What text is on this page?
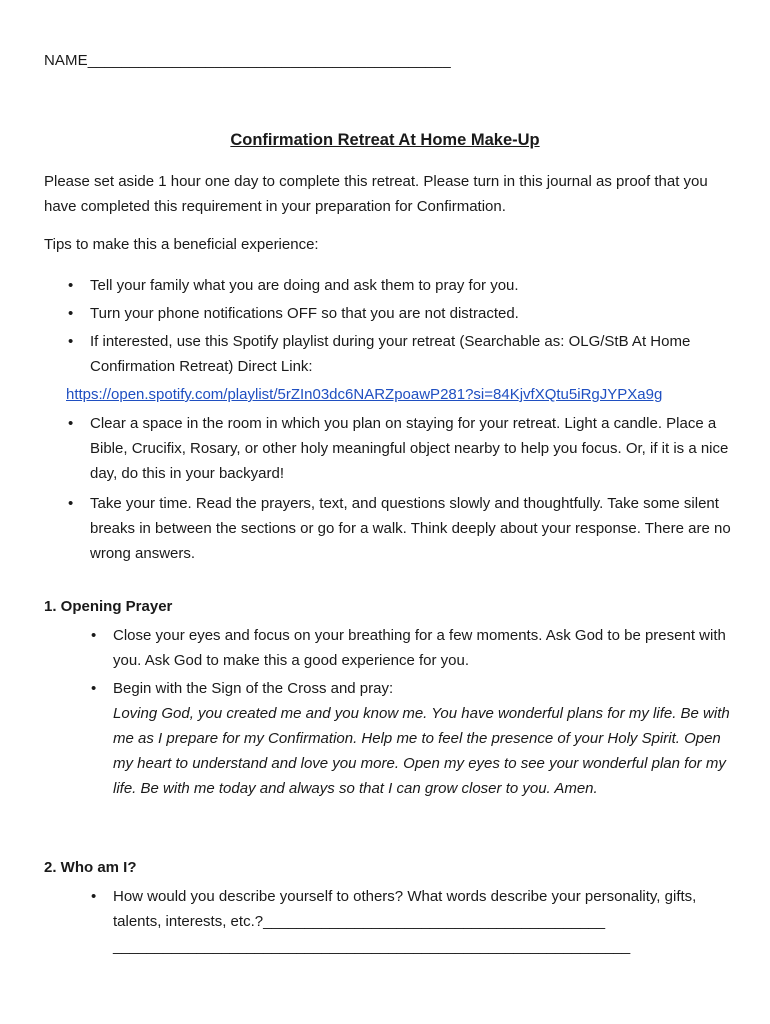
NAME___________________________________________
Confirmation Retreat At Home Make-Up
Please set aside 1 hour one day to complete this retreat. Please turn in this journal as proof that you have completed this requirement in your preparation for Confirmation.
Tips to make this a beneficial experience:
• Tell your family what you are doing and ask them to pray for you.
• Turn your phone notifications OFF so that you are not distracted.
• If interested, use this Spotify playlist during your retreat (Searchable as: OLG/StB At Home Confirmation Retreat) Direct Link:
https://open.spotify.com/playlist/5rZIn03dc6NARZpoawP281?si=84KjvfXQtu5iRgJYPXa9g
• Clear a space in the room in which you plan on staying for your retreat. Light a candle. Place a Bible, Crucifix, Rosary, or other holy meaningful object nearby to help you focus. Or, if it is a nice day, do this in your backyard!
• Take your time. Read the prayers, text, and questions slowly and thoughtfully. Take some silent breaks in between the sections or go for a walk. Think deeply about your response. There are no wrong answers.
1. Opening Prayer
• Close your eyes and focus on your breathing for a few moments. Ask God to be present with you. Ask God to make this a good experience for you.
• Begin with the Sign of the Cross and pray:
Loving God, you created me and you know me. You have wonderful plans for my life. Be with me as I prepare for my Confirmation. Help me to feel the presence of your Holy Spirit. Open my heart to understand and love you more. Open my eyes to see your wonderful plan for my life. Be with me today and always so that I can grow closer to you. Amen.
2. Who am I?
• How would you describe yourself to others? What words describe your personality, gifts, talents, interests, etc.?_________________________________________
______________________________________________________________
